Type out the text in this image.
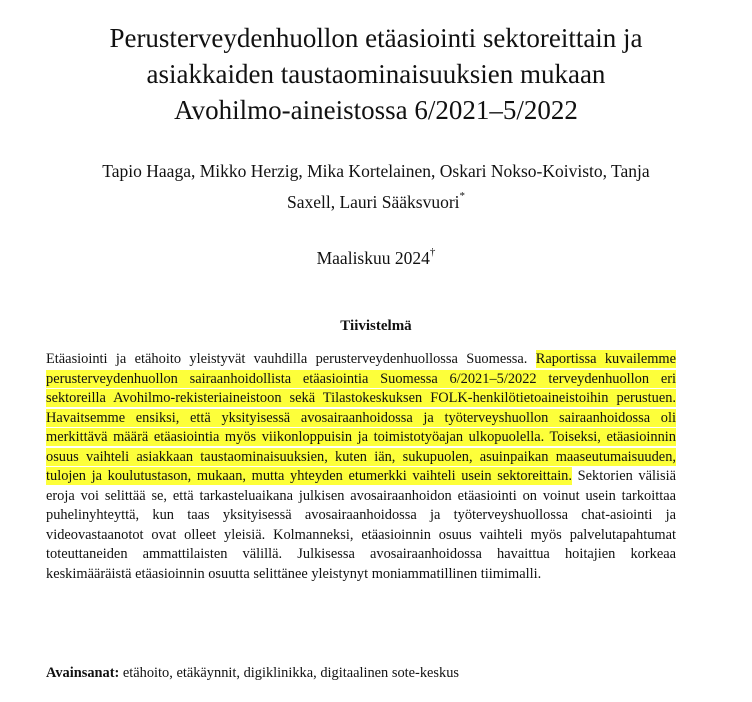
Perusterveydenhuollon etäasiointi sektoreittain ja
asiakkaiden taustaominaisuuksien mukaan
Avohilmo-aineistossa 6/2021–5/2022
Tapio Haaga, Mikko Herzig, Mika Kortelainen, Oskari Nokso-Koivisto, Tanja
Saxell, Lauri Sääksvuori*
Maaliskuu 2024†
Tiivistelmä

Etäasiointi ja etähoito yleistyvät vauhdilla perusterveydenhuollossa Suomessa. Raportissa kuvailemme perusterveydenhuollon sairaanhoidollista etäasiointia Suomessa 6/2021–5/2022 terveydenhuollon eri sektoreilla Avohilmo-rekisteriaineistoon sekä Tilastokeskuksen FOLK-henkilötietoaineistoihin perustuen. Havaitsemme ensiksi, että yksityisessä avosairaanhoidossa ja työterveyshuollon sairaanhoidossa oli merkittävä määrä etäasiointia myös viikonloppuisin ja toimistotyöajan ulkopuolella. Toiseksi, etäasioinnin osuus vaihteli asiakkaan taustaominaisuuksien, kuten iän, sukupuolen, asuinpaikan maaseutumaisuuden, tulojen ja koulutustason, mukaan, mutta yhteyden etumerkki vaihteli usein sektoreittain. Sektorien välisiä eroja voi selittää se, että tarkasteluaikana julkisen avosairaanhoidon etäasiointi on voinut usein tarkoittaa puhelinyhteyttä, kun taas yksityisessä avosairaanhoidossa ja työterveyshuollossa chat-asiointi ja videovastaanotot ovat olleet yleisiä. Kolmanneksi, etäasioinnin osuus vaihteli myös palvelutapahtumat toteuttaneiden ammattilaisten välillä. Julkisessa avosairaanhoidossa havaittua hoitajien korkeaa keskimääräistä etäasioinnin osuutta selittänee yleistynyt moniammatillinen tiimimalli.

Avainsanat: etähoito, etäkäynnit, digiklinikka, digitaalinen sote-keskus
